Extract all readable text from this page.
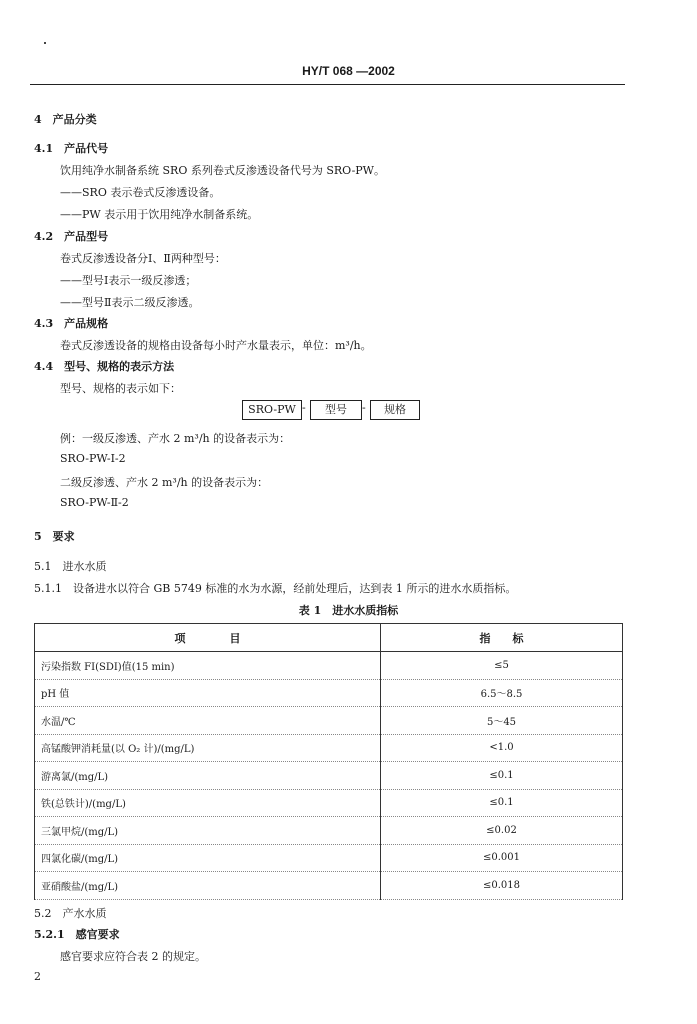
HY/T 068 —2002
4　产品分类
4.1　产品代号
饮用纯净水制备系统 SRO 系列卷式反渗透设备代号为 SRO-PW。
——SRO 表示卷式反渗透设备。
——PW 表示用于饮用纯净水制备系统。
4.2　产品型号
卷式反渗透设备分Ⅰ、Ⅱ两种型号：
——型号Ⅰ表示一级反渗透；
——型号Ⅱ表示二级反渗透。
4.3　产品规格
卷式反渗透设备的规格由设备每小时产水量表示，单位：m³/h。
4.4　型号、规格的表示方法
型号、规格的表示如下：
SRO-PW -	型号	-	规格
例：一级反渗透、产水 2 m³/h 的设备表示为：
SRO-PW-Ⅰ-2
二级反渗透、产水 2 m³/h 的设备表示为：
SRO-PW-Ⅱ-2
5　要求
5.1　进水水质
5.1.1　设备进水以符合 GB 5749 标准的水为水源，经前处理后，达到表 1 所示的进水水质指标。
表 1　进水水质指标
项　　　　目	指　　标
污染指数 FI(SDI)值(15 min)	≤5
pH 值	6.5～8.5
水温/℃	5～45
高锰酸钾消耗量(以 O₂ 计)/(mg/L)	<1.0
游离氯/(mg/L)	≤0.1
铁(总铁计)/(mg/L)	≤0.1
三氯甲烷/(mg/L)	≤0.02
四氯化碳/(mg/L)	≤0.001
亚硝酸盐/(mg/L)	≤0.018
5.2　产水水质
5.2.1　感官要求
感官要求应符合表 2 的规定。
2
